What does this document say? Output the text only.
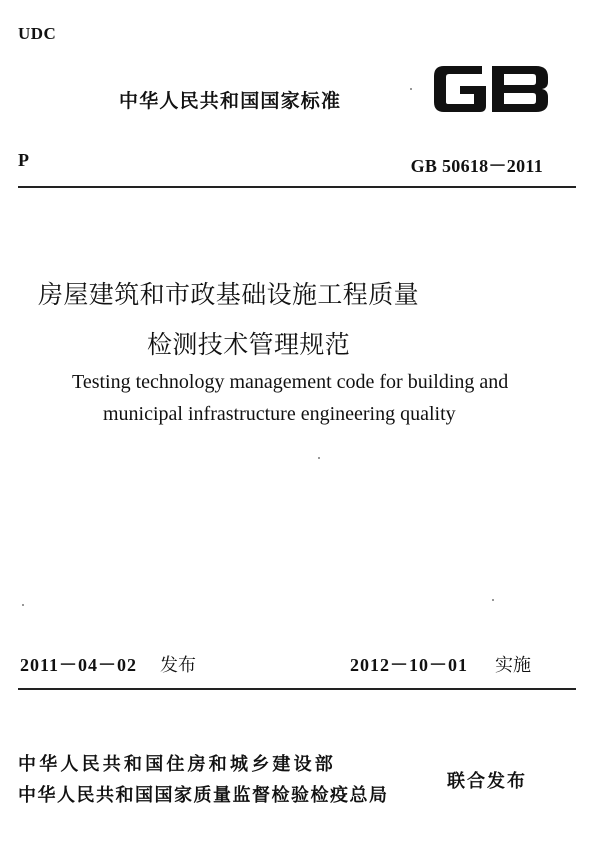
UDC
中华人民共和国国家标准
P	GB 50618－2011
房屋建筑和市政基础设施工程质量
检测技术管理规范
Testing technology management code for building and
municipal infrastructure engineering quality
2011－04－02 发布	2012－10－01 实施
中华人民共和国住房和城乡建设部
中华人民共和国国家质量监督检验检疫总局
联合发布
